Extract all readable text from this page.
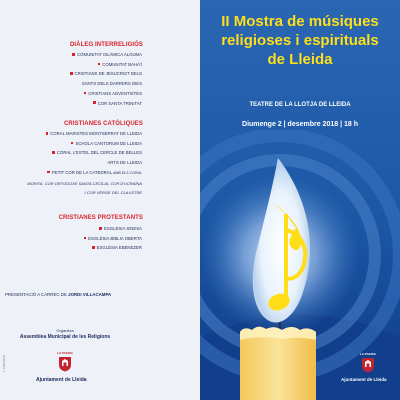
DIÀLEG INTERRELIGIÓS
COMUNITAT ISLÀMICA ALOUMA
COMUNITAT BAHÁ'Í
CRISTIANS DE JESUCRIST DELS
SANTS DELS DARRERS DIES
CRISTIANS ADVENTISTES
COR SANTA TRINITAT
CRISTIANES CATÒLIQUES
CORAL MARISTES MONTSERRAT DE LLEIDA
SCHOLA CANTORUM DE LLEIDA
CORAL L'ESTEL DEL CERCLE DE BELLES
ARTS DE LLEIDA
PETIT COR DE LA CATEDRAL AMB ELS CORAL
MORITA, COR ORTODOXE SANTA CECÍLIA, COR D'UCRAÏNA
I COR VERGE DEL CLAUSTRE
CRISTIANES PROTESTANTS
ESGLÉSIA XINESA
ESGLÉSIA BÍBLIA OBERTA
ESGLÉSIA EBENEZER
PRESENTACIÓ A CÀRREC DE JORDI VILLACAMPA
Organitza
Assemblea Municipal de les Religions
LA PAERIA
Ajuntament de Lleida
L 1469-2018
II Mostra de músiques
religioses i espirituals
de Lleida
TEATRE DE LA LLOTJA DE LLEIDA
Diumenge 2 | desembre 2018 | 18 h
LA PAERIA
Ajuntament de Lleida
